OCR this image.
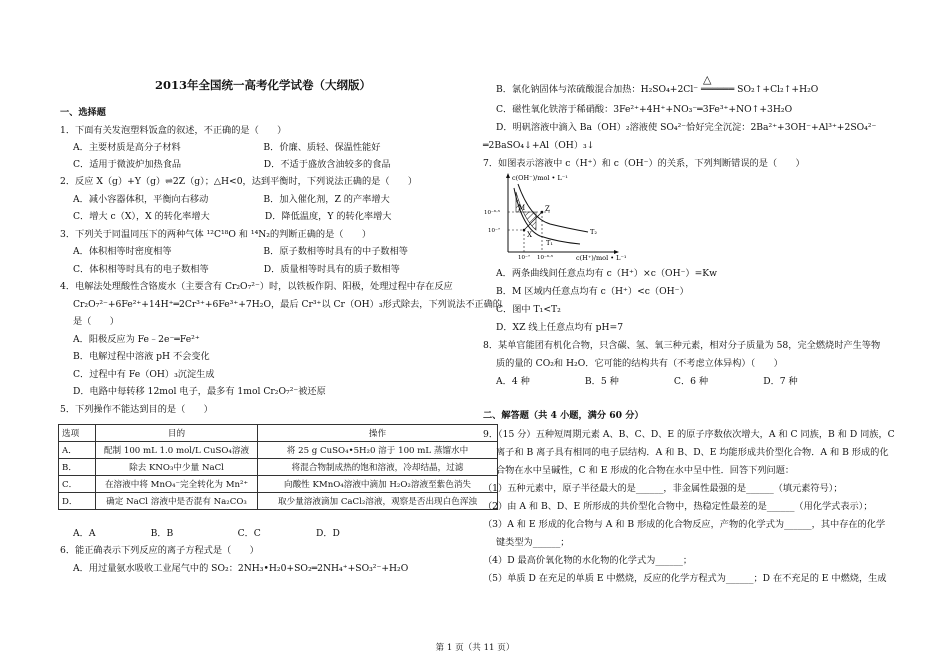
2013年全国统一高考化学试卷（大纲版）
一、选择题
1．下面有关发泡塑料饭盒的叙述，不正确的是（　　）
A．主要材质是高分子材料　　　　　　　　　B．价廉、质轻、保温性能好
C．适用于微波炉加热食品　　　　　　　　　D．不适于盛放含油较多的食品
2．反应 X（g）+Y（g）⇌2Z（g）；△H<0，达到平衡时，下列说法正确的是（　　）
A．减小容器体积，平衡向右移动　　　　　　B．加入催化剂，Z 的产率增大
C．增大 c（X），X 的转化率增大　　　　　　D．降低温度，Y 的转化率增大
3．下列关于同温同压下的两种气体 ¹²C¹⁸O 和 ¹⁴N₂的判断正确的是（　　）
A．体积相等时密度相等　　　　　　　　　　B．原子数相等时具有的中子数相等
C．体积相等时具有的电子数相等　　　　　　D．质量相等时具有的质子数相等
4．电解法处理酸性含铬废水（主要含有 Cr₂O₇²⁻）时，以铁板作阴、阳极，处理过程中存在反应
Cr₂O₇²⁻+6Fe²⁺+14H⁺═2Cr³⁺+6Fe³⁺+7H₂O，最后 Cr³⁺以 Cr（OH）₃形式除去，下列说法不正确的
是（　　）
A．阳极反应为 Fe﹣2e⁻═Fe²⁺
B．电解过程中溶液 pH 不会变化
C．过程中有 Fe（OH）₃沉淀生成
D．电路中每转移 12mol 电子，最多有 1mol Cr₂O₇²⁻被还原
5．下列操作不能达到目的是（　　）
选项	目的	操作
A．	配制 100 mL 1.0 mol/L CuSO₄溶液	将 25 g CuSO₄•5H₂0 溶于 100 mL 蒸馏水中
B．	除去 KNO₃中少量 NaCl	将混合物制成热的饱和溶液，冷却结晶，过滤
C．	在溶液中将 MnO₄⁻完全转化为 Mn²⁺	向酸性 KMnO₄溶液中滴加 H₂O₂溶液至紫色消失
D．	确定 NaCl 溶液中是否混有 Na₂CO₃	取少量溶液滴加 CaCl₂溶液，观察是否出现白色浑浊
A．A　　　　　　B．B　　　　　　　C．C　　　　　　D．D
6．能正确表示下列反应的离子方程式是（　　）
A．用过量氨水吸收工业尾气中的 SO₂：2NH₃•H₂0+SO₂═2NH₄⁺+SO₃²⁻+H₂O
△
B．氯化钠固体与浓硫酸混合加热：H₂SO₄+2Cl⁻ ══════ SO₂↑+Cl₂↑+H₂O
C．磁性氧化铁溶于稀硝酸：3Fe²⁺+4H⁺+NO₃⁻═3Fe³⁺+NO↑+3H₂O
D．明矾溶液中滴入 Ba（OH）₂溶液使 SO₄²⁻恰好完全沉淀：2Ba²⁺+3OH⁻+Al³⁺+2SO₄²⁻
═2BaSO₄↓+Al（OH）₃↓
7．如图表示溶液中 c（H⁺）和 c（OH⁻）的关系，下列判断错误的是（　　）
c(OH⁻)/mol • L⁻¹
c(H⁺)/mol • L⁻¹
M	Z
X	T₂
T₁
10⁻⁶·⁵
10⁻⁷
10⁻⁷ 10⁻⁶·⁵
A．两条曲线间任意点均有 c（H⁺）×c（OH⁻）=Kw
B．M 区域内任意点均有 c（H⁺）<c（OH⁻）
C．图中 T₁<T₂
D．XZ 线上任意点均有 pH=7
8．某单官能团有机化合物，只含碳、氢、氧三种元素，相对分子质量为 58，完全燃烧时产生等物
质的量的 CO₂和 H₂O．它可能的结构共有（不考虑立体异构）（　　）
A．4 种　　　　　　B．5 种　　　　　　C．6 种　　　　　　D．7 种
二、解答题（共 4 小题，满分 60 分）
9．（15 分）五种短周期元素 A、B、C、D、E 的原子序数依次增大，A 和 C 同族，B 和 D 同族，C
离子和 B 离子具有相同的电子层结构．A 和 B、D、E 均能形成共价型化合物．A 和 B 形成的化
合物在水中呈碱性，C 和 E 形成的化合物在水中呈中性．回答下列问题：
（1）五种元素中，原子半径最大的是______，非金属性最强的是______（填元素符号）；
（2）由 A 和 B、D、E 所形成的共价型化合物中，热稳定性最差的是______（用化学式表示）；
（3）A 和 E 形成的化合物与 A 和 B 形成的化合物反应，产物的化学式为______，其中存在的化学
键类型为______；
（4）D 最高价氧化物的水化物的化学式为______；
（5）单质 D 在充足的单质 E 中燃烧，反应的化学方程式为______；D 在不充足的 E 中燃烧，生成
第 1 页（共 11 页）
